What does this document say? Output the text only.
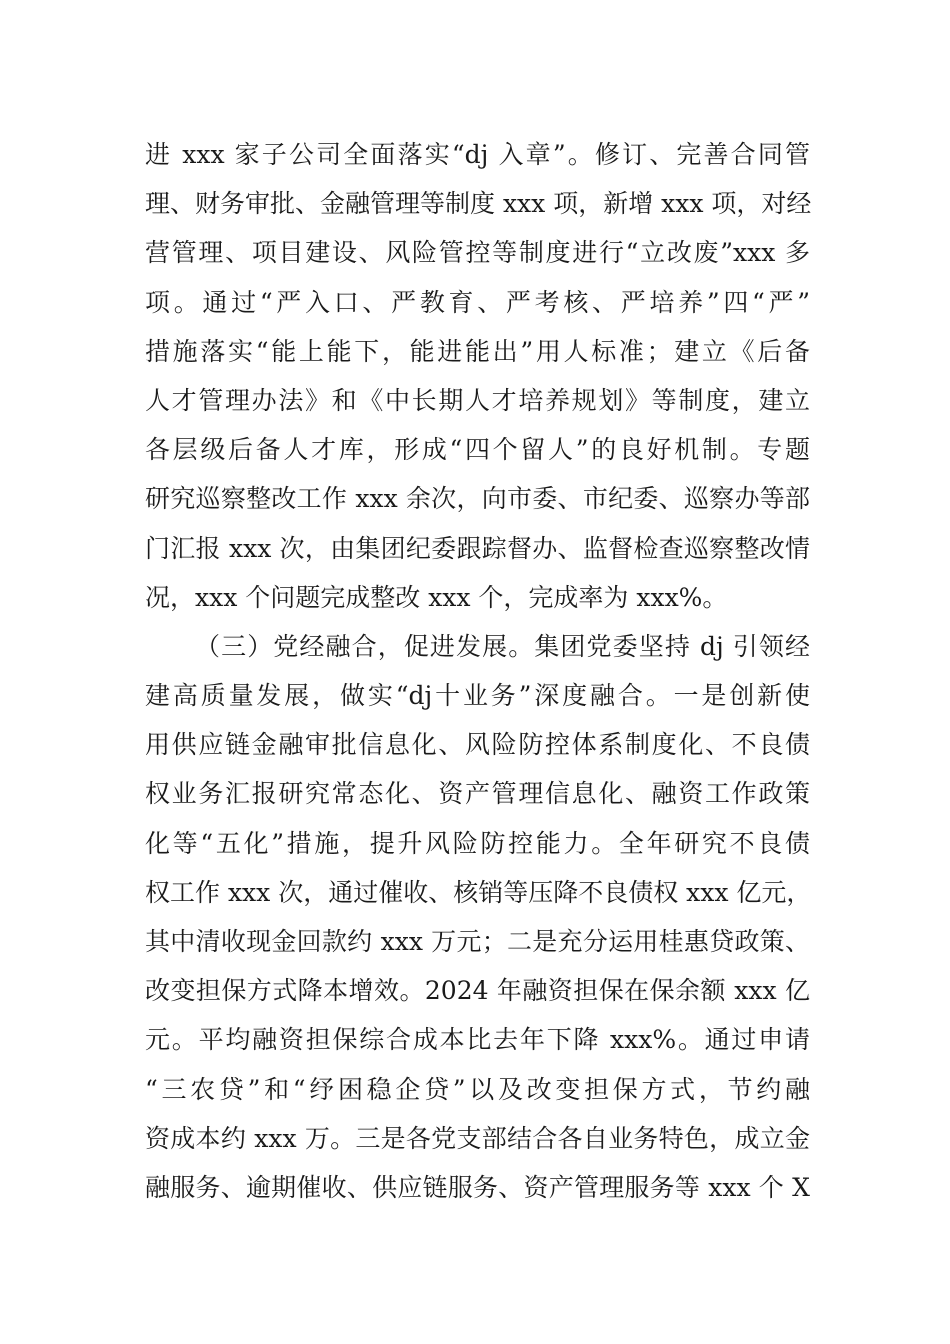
进 xxx 家子公司全面落实“dj 入章”。修订、完善合同管
理、财务审批、金融管理等制度 xxx 项，新增 xxx 项，对经
营管理、项目建设、风险管控等制度进行“立改废”xxx 多
项。通过“严入口、严教育、严考核、严培养”四“严”
措施落实“能上能下，能进能出”用人标准；建立《后备
人才管理办法》和《中长期人才培养规划》等制度，建立
各层级后备人才库，形成“四个留人”的良好机制。专题
研究巡察整改工作 xxx 余次，向市委、市纪委、巡察办等部
门汇报 xxx 次，由集团纪委跟踪督办、监督检查巡察整改情
况，xxx 个问题完成整改 xxx 个，完成率为 xxx%。
（三）党经融合，促进发展。集团党委坚持 dj 引领经
建高质量发展，做实“dj十业务”深度融合。一是创新使
用供应链金融审批信息化、风险防控体系制度化、不良债
权业务汇报研究常态化、资产管理信息化、融资工作政策
化等“五化”措施，提升风险防控能力。全年研究不良债
权工作 xxx 次，通过催收、核销等压降不良债权 xxx 亿元，
其中清收现金回款约 xxx 万元；二是充分运用桂惠贷政策、
改变担保方式降本增效。2024 年融资担保在保余额 xxx 亿
元。平均融资担保综合成本比去年下降 xxx%。通过申请
“三农贷”和“纾困稳企贷”以及改变担保方式，节约融
资成本约 xxx 万。三是各党支部结合各自业务特色，成立金
融服务、逾期催收、供应链服务、资产管理服务等 xxx 个 X
